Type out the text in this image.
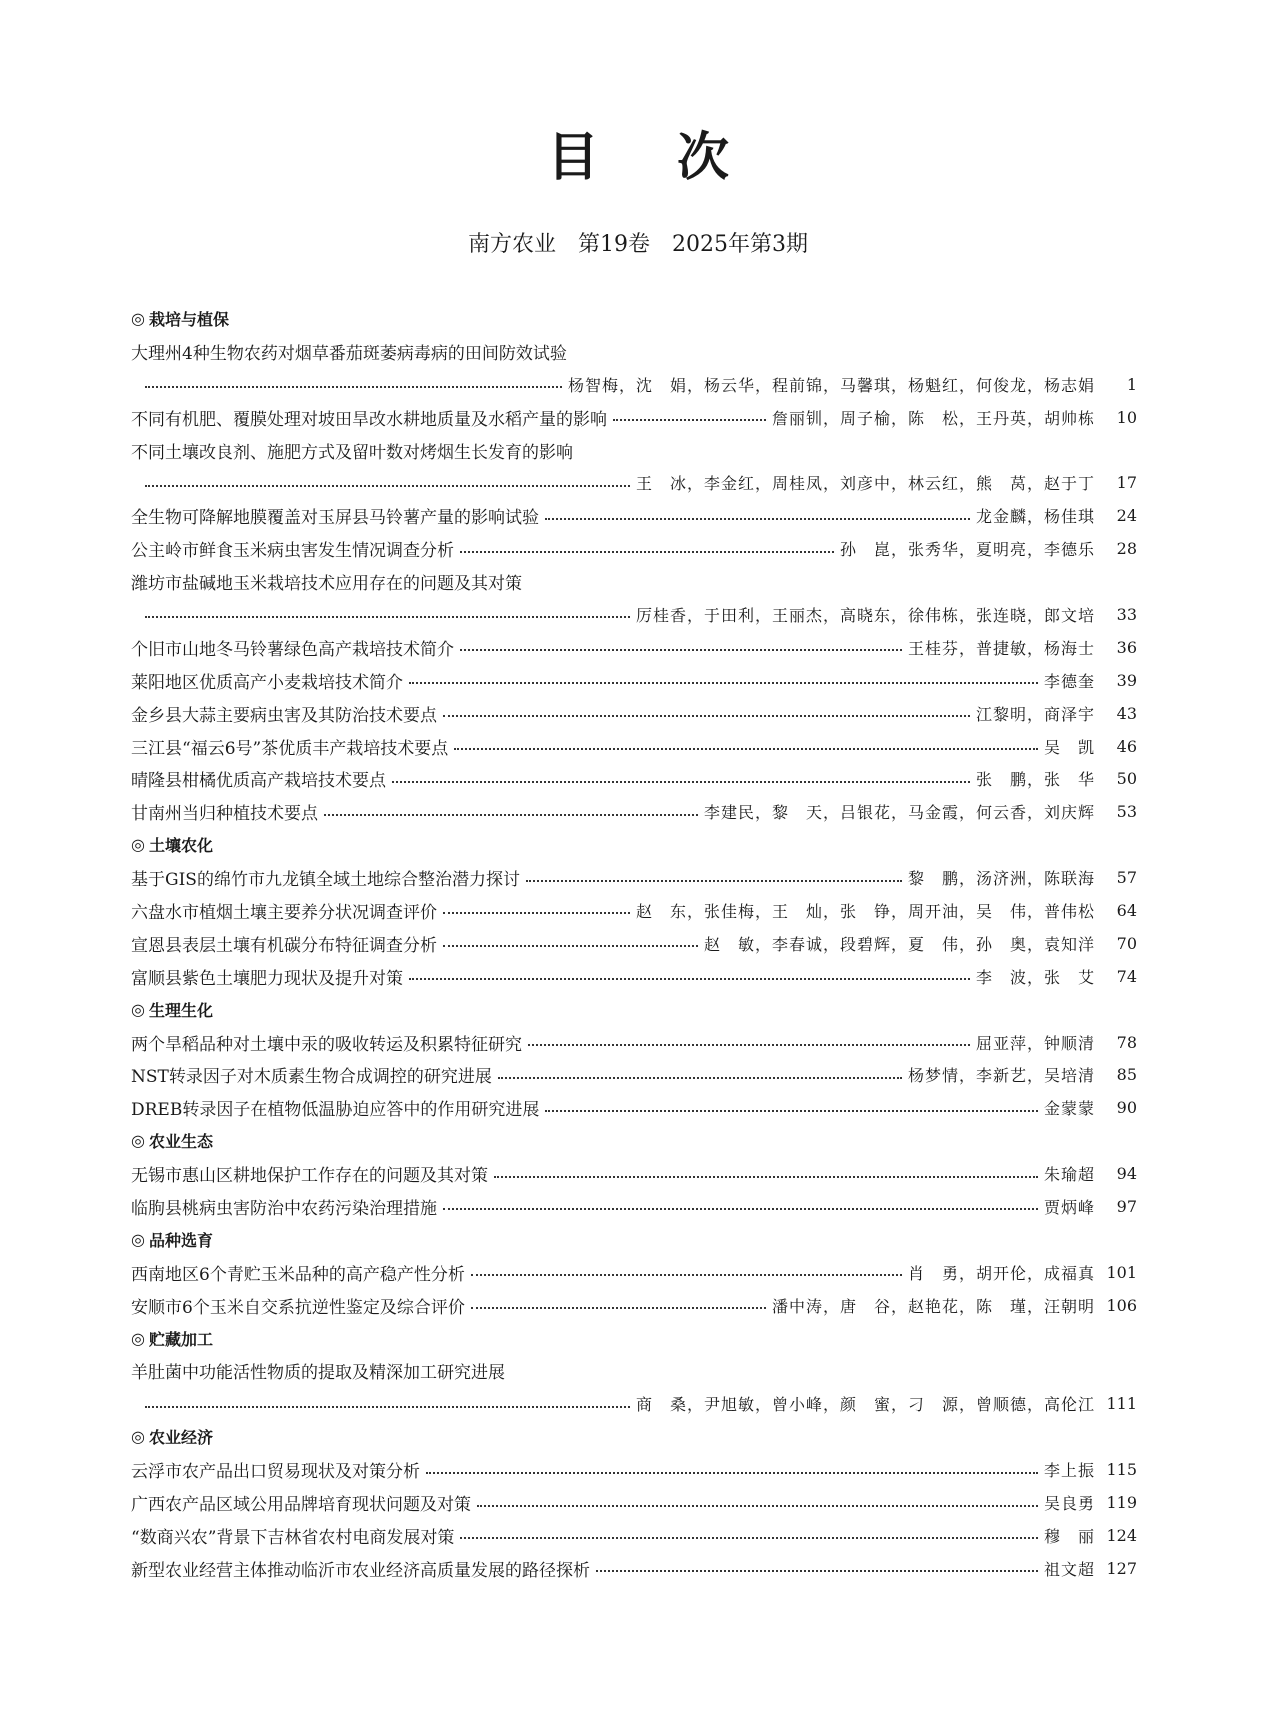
目次
南方农业　第19卷　2025年第3期
◎ 栽培与植保
大理州4种生物农药对烟草番茄斑萎病毒病的田间防效试验
杨智梅，沈　娟，杨云华，程前锦，马馨琪，杨魁红，何俊龙，杨志娟	1
不同有机肥、覆膜处理对坡田旱改水耕地质量及水稻产量的影响	詹丽钏，周子榆，陈　松，王丹英，胡帅栋	10
不同土壤改良剂、施肥方式及留叶数对烤烟生长发育的影响
王　冰，李金红，周桂凤，刘彦中，林云红，熊　莴，赵于丁	17
全生物可降解地膜覆盖对玉屏县马铃薯产量的影响试验	龙金麟，杨佳琪	24
公主岭市鲜食玉米病虫害发生情况调查分析	孙　崑，张秀华，夏明亮，李德乐	28
潍坊市盐碱地玉米栽培技术应用存在的问题及其对策
厉桂香，于田利，王丽杰，高晓东，徐伟栋，张连晓，郎文培	33
个旧市山地冬马铃薯绿色高产栽培技术简介	王桂芬，普捷敏，杨海士	36
莱阳地区优质高产小麦栽培技术简介	李德奎	39
金乡县大蒜主要病虫害及其防治技术要点	江黎明，商泽宇	43
三江县“福云6号”茶优质丰产栽培技术要点	吴　凯	46
晴隆县柑橘优质高产栽培技术要点	张　鹏，张　华	50
甘南州当归种植技术要点	李建民，黎　天，吕银花，马金霞，何云香，刘庆辉	53
◎ 土壤农化
基于GIS的绵竹市九龙镇全域土地综合整治潜力探讨	黎　鹏，汤济洲，陈联海	57
六盘水市植烟土壤主要养分状况调查评价	赵　东，张佳梅，王　灿，张　铮，周开油，吴　伟，普伟松	64
宣恩县表层土壤有机碳分布特征调查分析	赵　敏，李春诚，段碧辉，夏　伟，孙　奥，袁知洋	70
富顺县紫色土壤肥力现状及提升对策	李　波，张　艾	74
◎ 生理生化
两个旱稻品种对土壤中汞的吸收转运及积累特征研究	屈亚萍，钟顺清	78
NST转录因子对木质素生物合成调控的研究进展	杨梦情，李新艺，吴培清	85
DREB转录因子在植物低温胁迫应答中的作用研究进展	金蒙蒙	90
◎ 农业生态
无锡市惠山区耕地保护工作存在的问题及其对策	朱瑜超	94
临朐县桃病虫害防治中农药污染治理措施	贾炳峰	97
◎ 品种选育
西南地区6个青贮玉米品种的高产稳产性分析	肖　勇，胡开伦，成福真 101
安顺市6个玉米自交系抗逆性鉴定及综合评价	潘中涛，唐　谷，赵艳花，陈　瑾，汪朝明 106
◎ 贮藏加工
羊肚菌中功能活性物质的提取及精深加工研究进展
商　桑，尹旭敏，曾小峰，颜　蜜，刁　源，曾顺德，高伦江 111
◎ 农业经济
云浮市农产品出口贸易现状及对策分析	李上振 115
广西农产品区域公用品牌培育现状问题及对策	吴良勇 119
“数商兴农”背景下吉林省农村电商发展对策	穆　丽 124
新型农业经营主体推动临沂市农业经济高质量发展的路径探析	祖文超 127
